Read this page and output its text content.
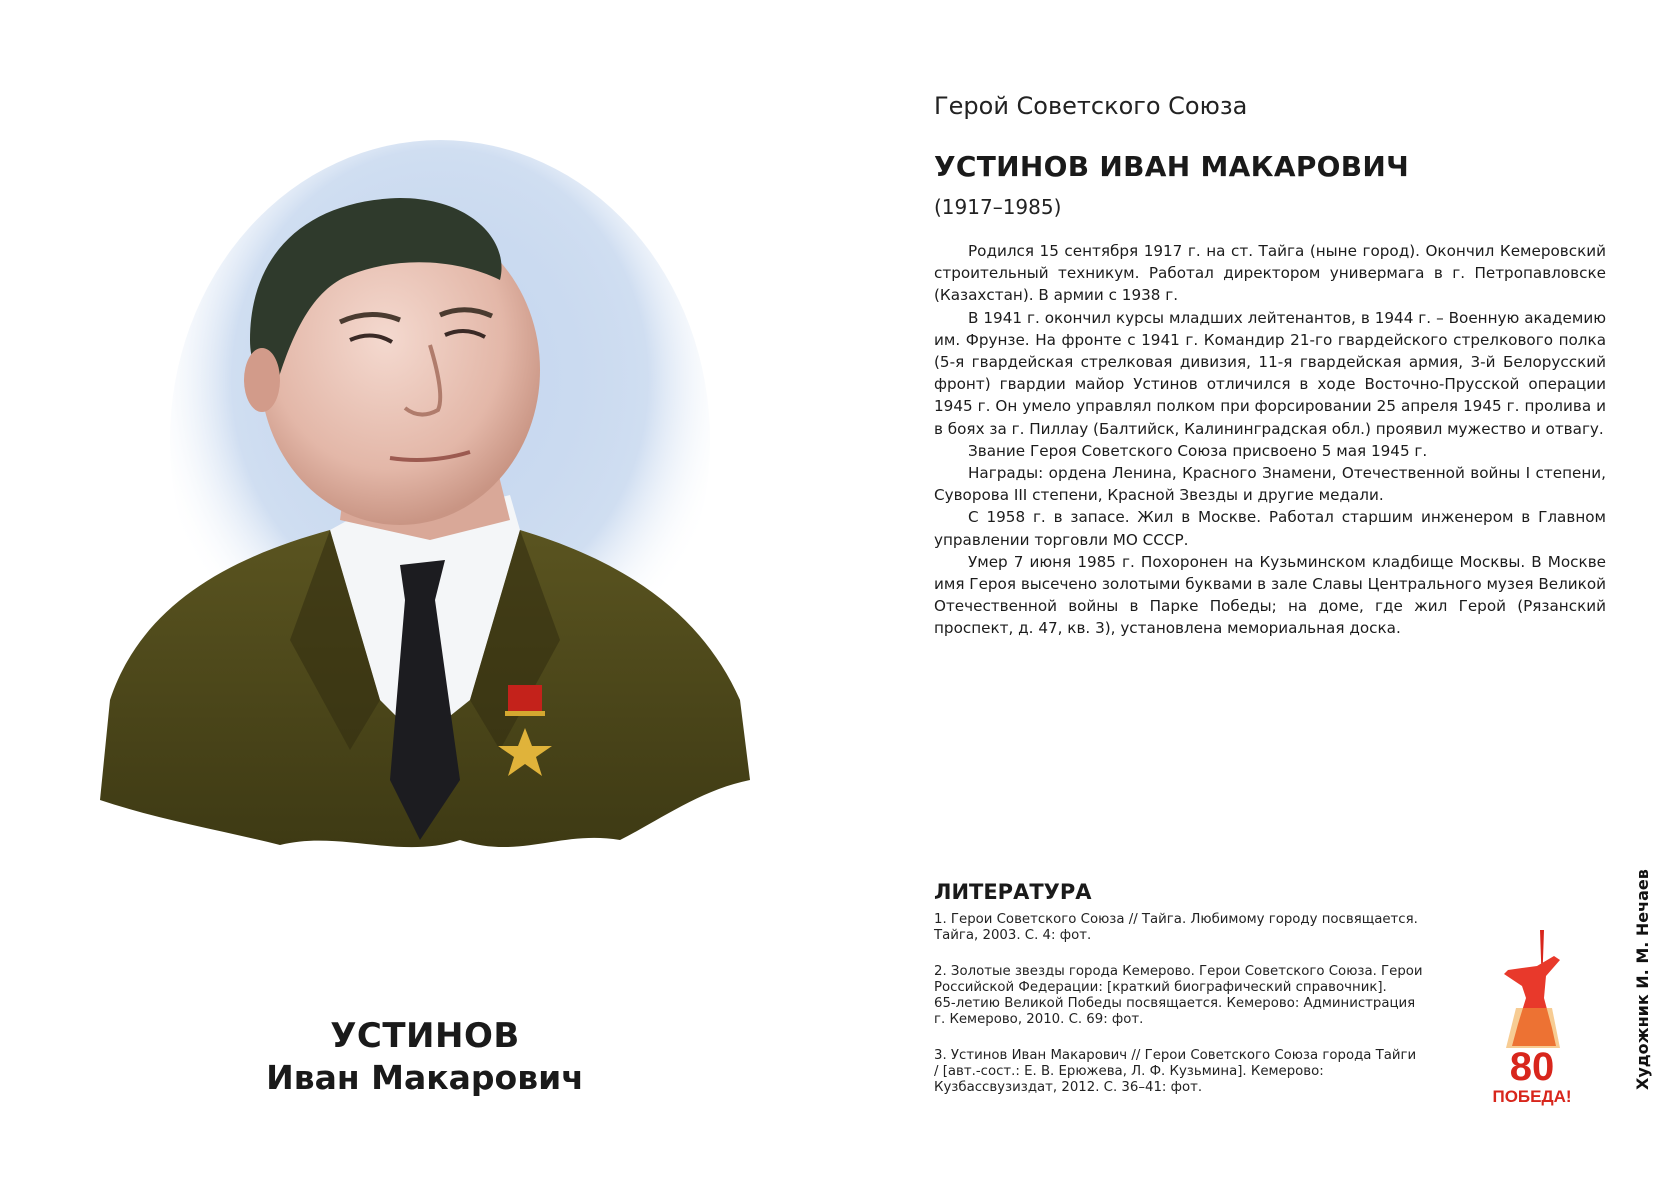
УСТИНОВ
Иван Макарович
Герой Советского Союза
УСТИНОВ ИВАН МАКАРОВИЧ
(1917–1985)

Родился 15 сентября 1917 г. на ст. Тайга (ныне город). Окончил Кемеровский строительный техникум. Работал директором универмага в г. Петропавловске (Казахстан). В армии с 1938 г.

В 1941 г. окончил курсы младших лейтенантов, в 1944 г. – Военную академию им. Фрунзе. На фронте с 1941 г. Командир 21-го гвардейского стрелкового полка (5-я гвардейская стрелковая дивизия, 11-я гвардейская армия, 3-й Белорусский фронт) гвардии майор Устинов отличился в ходе Восточно-Прусской операции 1945 г. Он умело управлял полком при форсировании 25 апреля 1945 г. пролива и в боях за г. Пиллау (Балтийск, Калининградская обл.) проявил мужество и отвагу.

Звание Героя Советского Союза присвоено 5 мая 1945 г.

Награды: ордена Ленина, Красного Знамени, Отечественной войны I степени, Суворова III степени, Красной Звезды и другие медали.

С 1958 г. в запасе. Жил в Москве. Работал старшим инженером в Главном управлении торговли МО СССР.

Умер 7 июня 1985 г. Похоронен на Кузьминском кладбище Москвы. В Москве имя Героя высечено золотыми буквами в зале Славы Центрального музея Великой Отечественной войны в Парке Победы; на доме, где жил Герой (Рязанский проспект, д. 47, кв. 3), установлена мемориальная доска.

ЛИТЕРАТУРА
1. Герои Советского Союза // Тайга. Любимому городу посвящается.
Тайга, 2003. С. 4: фот.
2. Золотые звезды города Кемерово. Герои Советского Союза. Герои
Российской Федерации: [краткий биографический справочник].
65-летию Великой Победы посвящается. Кемерово: Администрация
г. Кемерово, 2010. С. 69: фот.
3. Устинов Иван Макарович // Герои Советского Союза города Тайги
/ [авт.-сост.: Е. В. Ерюжева, Л. Ф. Кузьмина]. Кемерово:
Кузбассвузиздат, 2012. С. 36–41: фот.	80
ПОБЕДА!
Художник И. М. Нечаев
